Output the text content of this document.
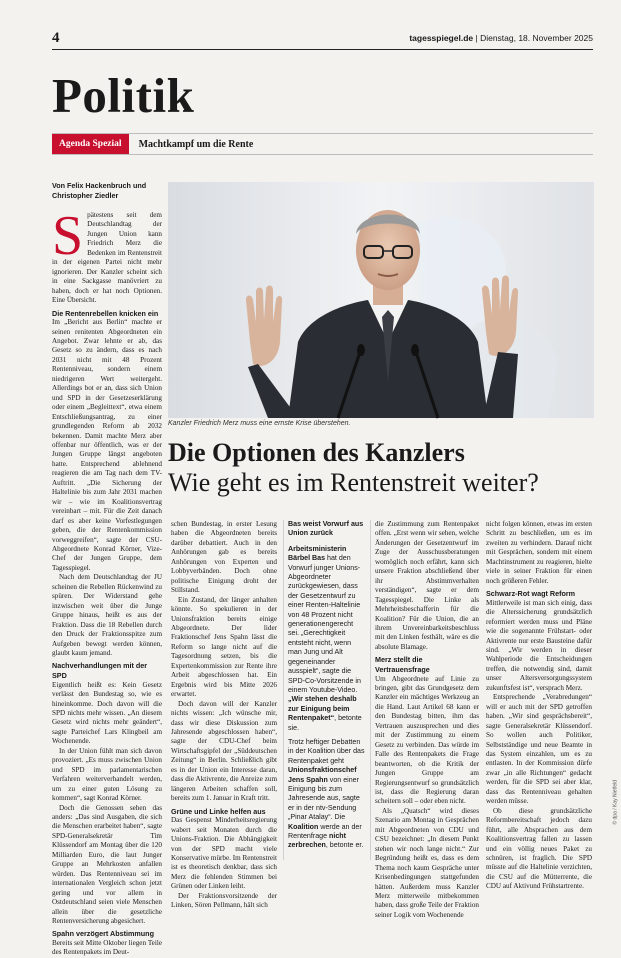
4	tagesspiegel.de | Dienstag, 18. November 2025
Politik
Agenda Spezial	Machtkampf um die Rente
Von Felix Hackenbruch und
Christopher Ziedler
Kanzler Friedrich Merz muss eine ernste Krise überstehen.
Die Optionen des Kanzlers
Wie geht es im Rentenstreit weiter?

Spätestens seit dem Deutschlandtag der Jungen Union kann Friedrich Merz die Bedenken im Rentenstreit in der eigenen Partei nicht mehr ignorieren. Der Kanzler scheint sich in eine Sackgasse manövriert zu haben, doch er hat noch Optionen. Eine Übersicht.

Die Rentenrebellen knicken ein

Im „Bericht aus Berlin“ machte er seinen renitenten Abgeordneten ein Angebot. Zwar lehnte er ab, das Gesetz so zu ändern, dass es nach 2031 nicht mit 48 Prozent Rentenniveau, sondern einem niedrigeren Wert weitergeht. Allerdings bot er an, dass sich Union und SPD in der Gesetzeserklärung oder einem „Begleittext“, etwa einem Entschließungsantrag, zu einer grundlegenden Reform ab 2032 bekennen. Damit machte Merz aber offenbar nur öffentlich, was er der Jungen Gruppe längst angeboten hatte. Entsprechend ablehnend reagieren die am Tag nach dem TV-Auftritt. „Die Sicherung der Haltelinie bis zum Jahr 2031 machen wir – wie im Koalitionsvertrag vereinbart – mit. Für die Zeit danach darf es aber keine Vorfestlegungen geben, die der Rentenkommission vorweggreifen“, sagte der CSU-Abgeordnete Konrad Körner, Vize-Chef der Jungen Gruppe, dem Tagesspiegel.

Nach dem Deutschlandtag der JU scheinen die Rebellen Rückenwind zu spüren. Der Widerstand gehe inzwischen weit über die Junge Gruppe hinaus, heißt es aus der Fraktion. Dass die 18 Rebellen durch den Druck der Fraktionsspitze zum Aufgeben bewegt werden können, glaubt kaum jemand.

Nachverhandlungen mit der SPD

Eigentlich heißt es: Kein Gesetz verlässt den Bundestag so, wie es hineinkomme. Doch davon will die SPD nichts mehr wissen. „An diesem Gesetz wird nichts mehr geändert“, sagte Parteichef Lars Klingbeil am Wochenende.

In der Union fühlt man sich davon provoziert. „Es muss zwischen Union und SPD im parlamentarischen Verfahren weiterverhandelt werden, um zu einer guten Lösung zu kommen“, sagt Konrad Körner.

Doch die Genossen sehen das anders: „Das sind Ausgaben, die sich die Menschen erarbeitet haben“, sagte SPD-Generalsekretär Tim Klüssendorf am Montag über die 120 Milliarden Euro, die laut Junger Gruppe an Mehrkosten anfallen würden. Das Rentenniveau sei im internationalen Vergleich schon jetzt gering und vor allem in Ostdeutschland seien viele Menschen allein über die gesetzliche Rentenversicherung abgesichert.

Spahn verzögert Abstimmung

Bereits seit Mitte Oktober liegen Teile des Rentenpakets im Deut-

schen Bundestag, in erster Lesung haben die Abgeordneten bereits darüber debattiert. Auch in den Anhörungen gab es bereits Anhörungen von Experten und Lobbyverbänden. Doch ohne politische Einigung droht der Stillstand.

Ein Zustand, der länger anhalten könnte. So spekulieren in der Unionsfraktion bereits einige Abgeordnete. Der lider Fraktionschef Jens Spahn lässt die Reform so lange nicht auf die Tagesordnung setzen, bis die Expertenkommission zur Rente ihre Arbeit abgeschlossen hat. Ein Ergebnis wird bis Mitte 2026 erwartet.

Doch davon will der Kanzler nichts wissen: „Ich wünsche mir, dass wir diese Diskussion zum Jahresende abgeschlossen haben“, sagte der CDU-Chef beim Wirtschaftsgipfel der „Süddeutschen Zeitung“ in Berlin. Schließlich gibt es in der Union ein Interesse daran, dass die Aktivrente, die Anreize zum längeren Arbeiten schaffen soll, bereits zum 1. Januar in Kraft tritt.

Grüne und Linke helfen aus

Das Gespenst Minderheitsregierung wabert seit Monaten durch die Unions-Fraktion. Die Abhängigkeit von der SPD macht viele Konservative mürbe. Im Rentenstreit ist es theoretisch denkbar, dass sich Merz die fehlenden Stimmen bei Grünen oder Linken leiht.

Der Fraktionsvorsitzende der Linken, Sören Pellmann, hält sich

Bas weist Vorwurf aus Union zurück

Arbeitsministerin Bärbel Bas hat den Vorwurf junger Unions-Abgeordneter zurückgewiesen, dass der Gesetzentwurf zu einer Renten-Haltelinie von 48 Prozent nicht generationengerecht sei. „Gerechtigkeit entsteht nicht, wenn man Jung und Alt gegeneinander ausspielt“, sagte die SPD-Co-Vorsitzende in einem Youtube-Video. „Wir stehen deshalb zur Einigung beim Rentenpaket“, betonte sie.

Trotz heftiger Debatten in der Koalition über das Rentenpaket geht Unionsfraktionschef Jens Spahn von einer Einigung bis zum Jahresende aus, sagte er in der ntv-Sendung „Pinar Atalay“. Die Koalition werde an der Rentenfrage nicht zerbrechen, betonte er.

die Zustimmung zum Rentenpaket offen. „Erst wenn wir sehen, welche Änderungen der Gesetzentwurf im Zuge der Ausschussberatungen womöglich noch erfährt, kann sich unsere Fraktion abschließend über ihr Abstimmverhalten verständigen“, sagte er dem Tagesspiegel. Die Linke als Mehrheitsbeschafferin für die Koalition? Für die Union, die an ihrem Unvereinbarkeitsbeschluss mit den Linken festhält, wäre es die absolute Blamage.

Merz stellt die Vertrauensfrage

Um Abgeordnete auf Linie zu bringen, gibt das Grundgesetz dem Kanzler ein mächtiges Werkzeug an die Hand. Laut Artikel 68 kann er den Bundestag bitten, ihm das Vertrauen auszusprechen und dies mit der Zustimmung zu einem Gesetz zu verbinden. Das würde im Falle des Rentenpakets die Frage beantworten, ob die Kritik der Jungen Gruppe am Regierungsentwurf so grundsätzlich ist, dass die Regierung daran scheitern soll – oder eben nicht.

Als „Quatsch“ wird dieses Szenario am Montag in Gesprächen mit Abgeordneten von CDU und CSU bezeichnet: „In diesem Punkt stehen wir noch lange nicht.“ Zur Begründung heißt es, dass es dem Thema noch kaum Gespräche unter Krisenbedingungen stattgefunden hätten. Außerdem muss Kanzler Merz mitterweile mitbekommen haben, dass große Teile der Fraktion seiner Logik vom Wochenende

nicht folgen können, etwas im ersten Schritt zu beschließen, um es im zweiten zu verhindern. Darauf nicht mit Gesprächen, sondern mit einem Machtinstrument zu reagieren, hielte viele in seiner Fraktion für einen noch größeren Fehler.

Schwarz-Rot wagt Reform

Mittlerweile ist man sich einig, dass die Alterssicherung grundsätzlich reformiert werden muss und Pläne wie die sogenannte Frühstart- oder Aktivrente nur erste Bausteine dafür sind. „Wir werden in dieser Wahlperiode die Entscheidungen treffen, die notwendig sind, damit unser Altersversorgungssystem zukunftsfest ist“, versprach Merz.

Entsprechende „Verabredungen“ will er auch mit der SPD getroffen haben. „Wir sind gesprächsbereit“, sagte Generalsekretär Klüssendorf. So wollen auch Politiker, Selbstständige und neue Beamte in das System einzahlen, um es zu entlasten. In der Kommission dürfe zwar „in alle Richtungen“ gedacht werden, für die SPD sei aber klar, dass das Rentenniveau gehalten werden müsse.

Ob diese grundsätzliche Reformbereitschaft jedoch dazu führt, alle Absprachen aus dem Koalitionsvertrag fallen zu lassen und ein völlig neues Paket zu schnüren, ist fraglich. Die SPD müsste auf die Haltelinie verzichten, die CSU auf die Mütterrente, die CDU auf Aktivund Frühstartrente.

© dpa / Kay Nietfeld
